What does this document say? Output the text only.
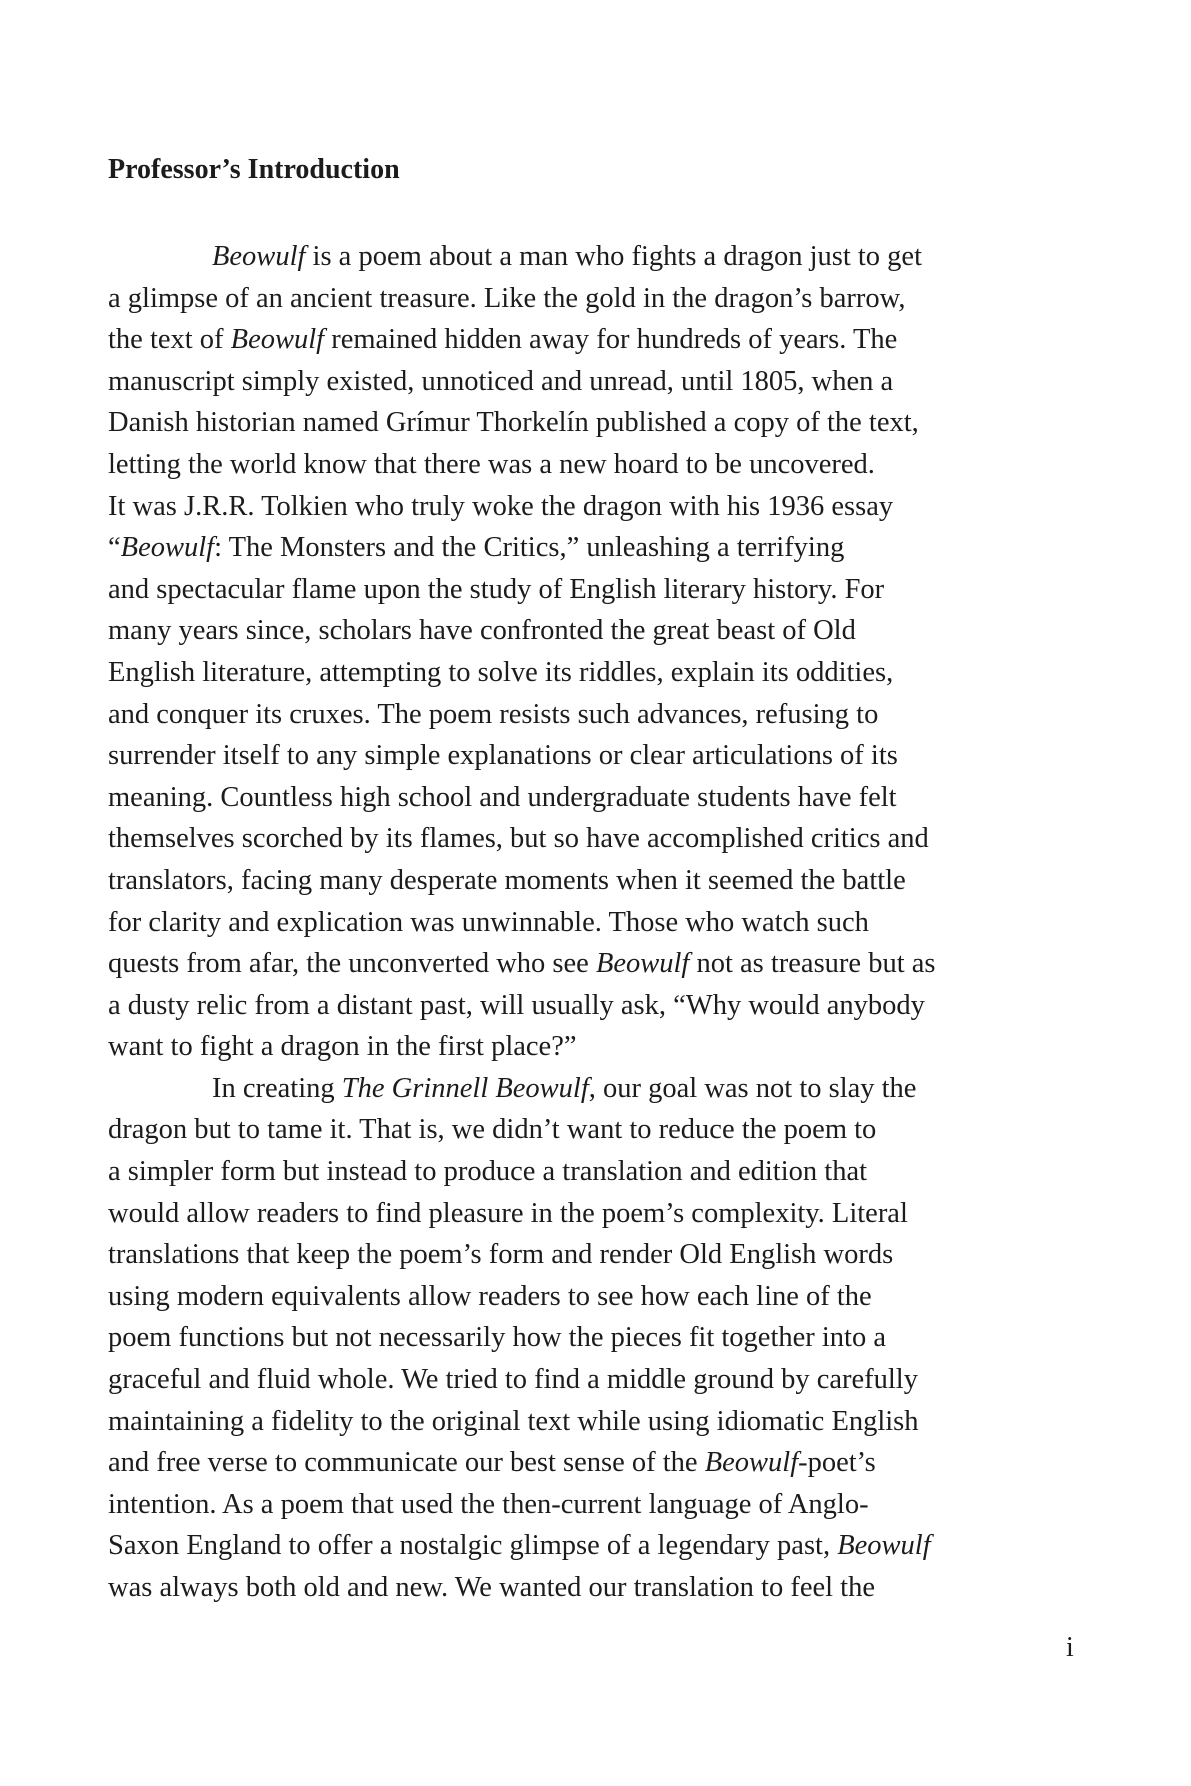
Professor’s Introduction
Beowulf is a poem about a man who fights a dragon just to get
a glimpse of an ancient treasure. Like the gold in the dragon’s barrow,
the text of Beowulf remained hidden away for hundreds of years. The
manuscript simply existed, unnoticed and unread, until 1805, when a
Danish historian named Grímur Thorkelín published a copy of the text,
letting the world know that there was a new hoard to be uncovered.
It was J.R.R. Tolkien who truly woke the dragon with his 1936 essay
“Beowulf: The Monsters and the Critics,” unleashing a terrifying
and spectacular flame upon the study of English literary history. For
many years since, scholars have confronted the great beast of Old
English literature, attempting to solve its riddles, explain its oddities,
and conquer its cruxes. The poem resists such advances, refusing to
surrender itself to any simple explanations or clear articulations of its
meaning. Countless high school and undergraduate students have felt
themselves scorched by its flames, but so have accomplished critics and
translators, facing many desperate moments when it seemed the battle
for clarity and explication was unwinnable. Those who watch such
quests from afar, the unconverted who see Beowulf not as treasure but as
a dusty relic from a distant past, will usually ask, “Why would anybody
want to fight a dragon in the first place?”
In creating The Grinnell Beowulf, our goal was not to slay the
dragon but to tame it. That is, we didn’t want to reduce the poem to
a simpler form but instead to produce a translation and edition that
would allow readers to find pleasure in the poem’s complexity. Literal
translations that keep the poem’s form and render Old English words
using modern equivalents allow readers to see how each line of the
poem functions but not necessarily how the pieces fit together into a
graceful and fluid whole. We tried to find a middle ground by carefully
maintaining a fidelity to the original text while using idiomatic English
and free verse to communicate our best sense of the Beowulf-poet’s
intention. As a poem that used the then-current language of Anglo-
Saxon England to offer a nostalgic glimpse of a legendary past, Beowulf
was always both old and new. We wanted our translation to feel the
i
